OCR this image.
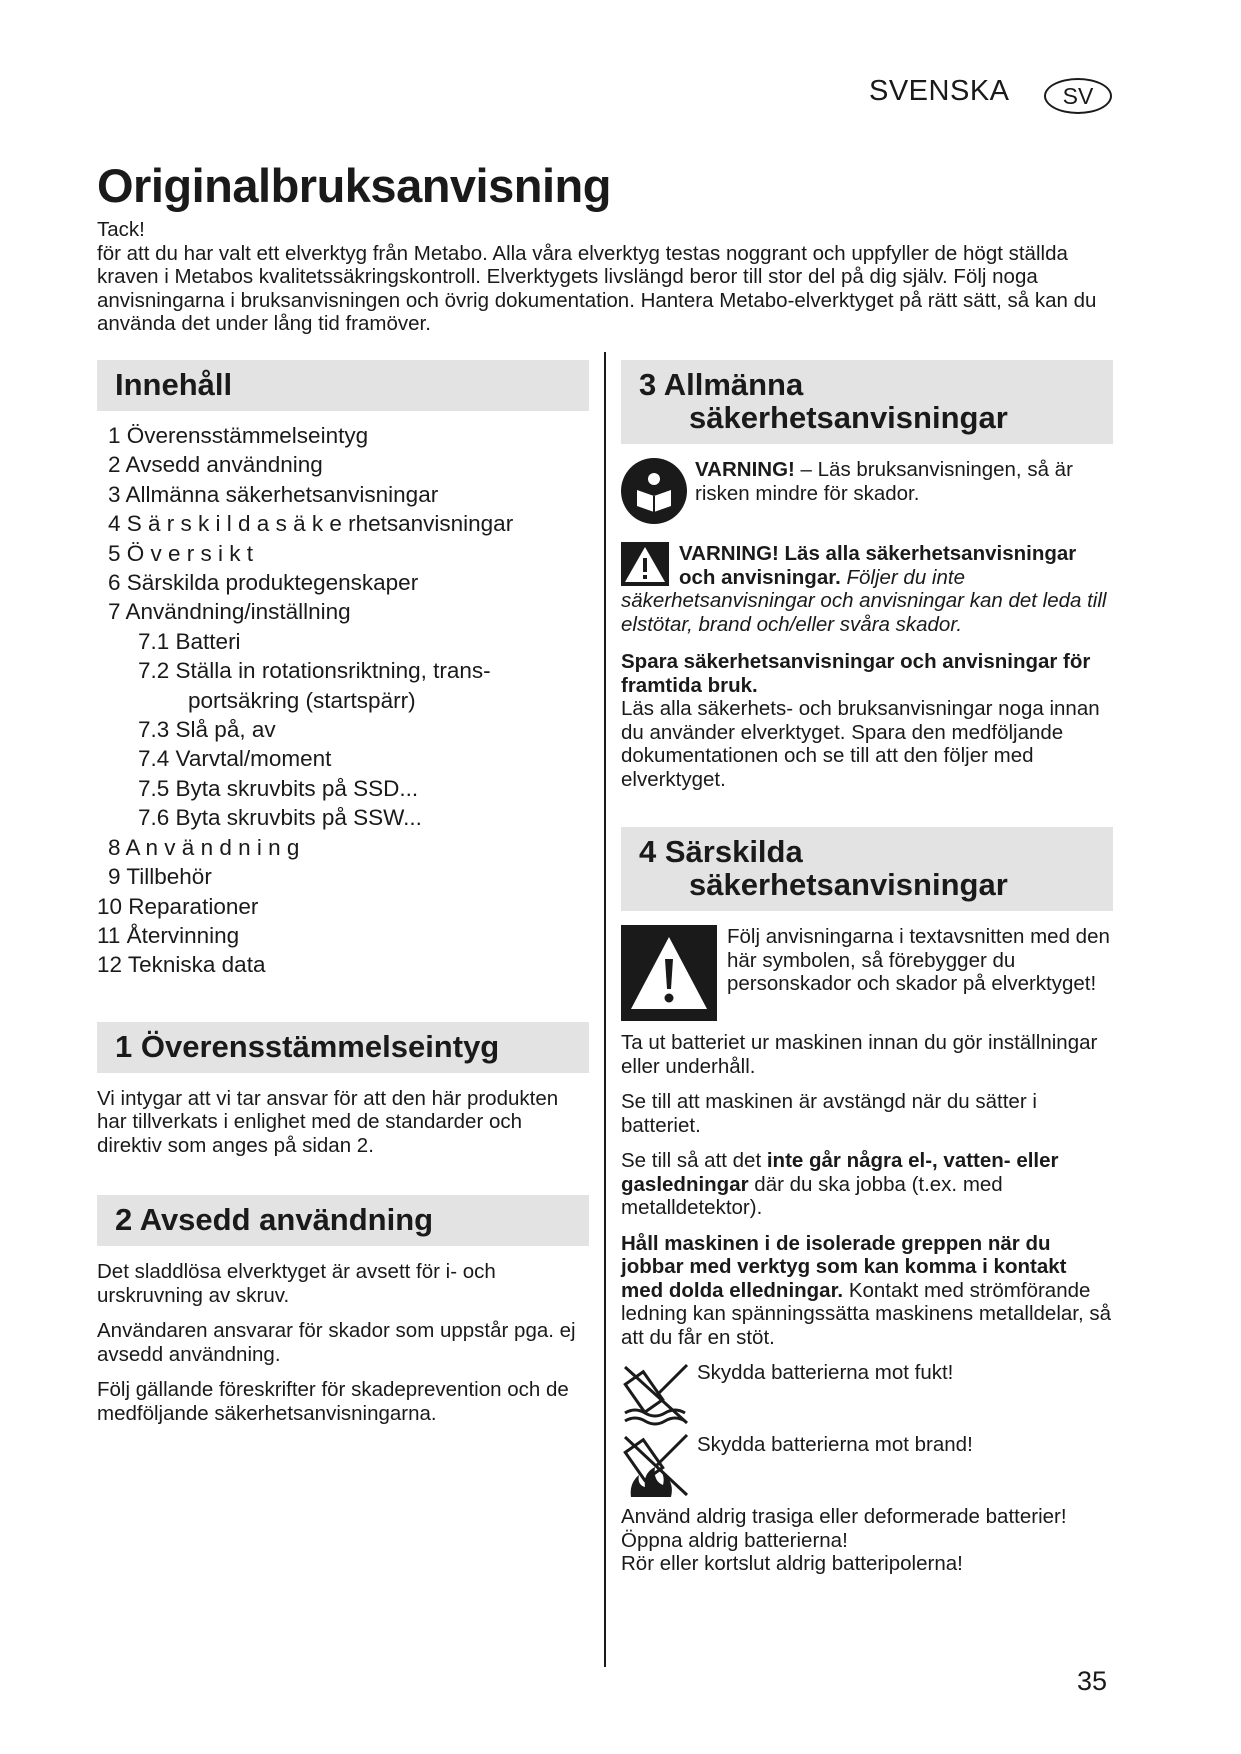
SVENSKA	SV
Originalbruksanvisning

Tack!

för att du har valt ett elverktyg från Metabo. Alla våra elverktyg testas noggrant och uppfyller de högt ställda kraven i Metabos kvalitetssäkringskontroll. Elverktygets livslängd beror till stor del på dig själv. Följ noga anvisningarna i bruksanvisningen och övrig dokumentation. Hantera Metabo-elverktyget på rätt sätt, så kan du använda det under lång tid framöver.

Innehåll
1 Överensstämmelseintyg
2 Avsedd användning
3 Allmänna säkerhetsanvisningar
4 S ä r s k i l d a s ä k e rhetsanvisningar
5 Ö v e r s i k t
6 Särskilda produktegenskaper
7 Användning/inställning
7.1 Batteri
7.2 Ställa in rotationsriktning, trans-
portsäkring (startspärr)
7.3 Slå på, av
7.4 Varvtal/moment
7.5 Byta skruvbits på SSD...
7.6 Byta skruvbits på SSW...
8 A n v ä n d n i n g
9 Tillbehör
10 Reparationer
11 Återvinning
12 Tekniska data
1 Överensstämmelseintyg

Vi intygar att vi tar ansvar för att den här produkten har tillverkats i enlighet med de standarder och direktiv som anges på sidan 2.

2 Avsedd användning

Det sladdlösa elverktyget är avsett för i- och urskruvning av skruv.

Användaren ansvarar för skador som uppstår pga. ej avsedd användning.

Följ gällande föreskrifter för skadeprevention och de medföljande säkerhetsanvisningarna.

3 Allmänna
säkerhetsanvisningar

VARNING! – Läs bruksanvisningen, så är risken mindre för skador.

VARNING! Läs alla säkerhetsanvisningar och anvisningar. Följer du inte säkerhetsanvisningar och anvisningar kan det leda till elstötar, brand och/eller svåra skador.

Spara säkerhetsanvisningar och anvisningar för framtida bruk.

Läs alla säkerhets- och bruksanvisningar noga innan du använder elverktyget. Spara den medföljande dokumentationen och se till att den följer med elverktyget.

4 Särskilda
säkerhetsanvisningar

Följ anvisningarna i textavsnitten med den här symbolen, så förebygger du personskador och skador på elverktyget!

Ta ut batteriet ur maskinen innan du gör inställningar eller underhåll.

Se till att maskinen är avstängd när du sätter i batteriet.

Se till så att det inte går några el-, vatten- eller gasledningar där du ska jobba (t.ex. med metalldetektor).

Håll maskinen i de isolerade greppen när du jobbar med verktyg som kan komma i kontakt med dolda elledningar. Kontakt med strömförande ledning kan spänningssätta maskinens metalldelar, så att du får en stöt.

Skydda batterierna mot fukt!
Skydda batterierna mot brand!

Använd aldrig trasiga eller deformerade batterier!

Öppna aldrig batterierna!

Rör eller kortslut aldrig batteripolerna!

35
